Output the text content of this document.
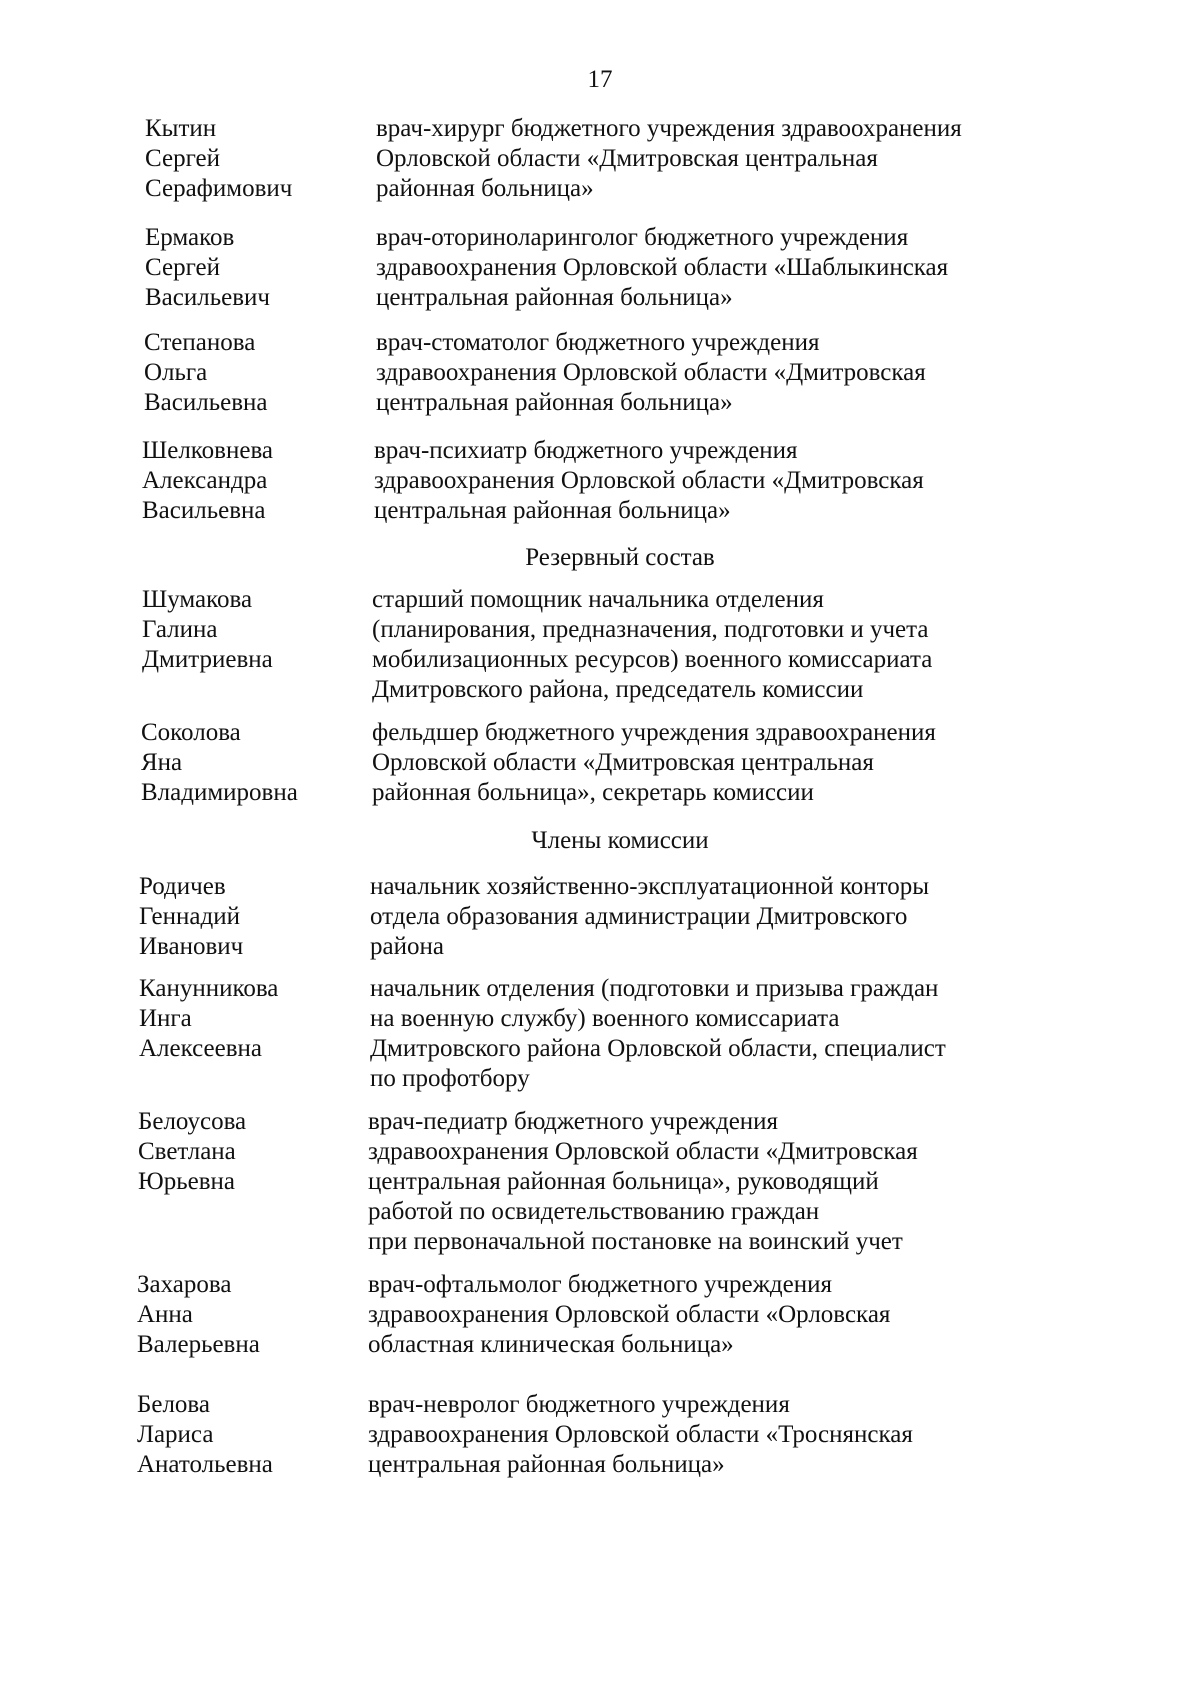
17
Кытин
Сергей
Серафимович
врач-хирург бюджетного учреждения здравоохранения
Орловской области «Дмитровская центральная
районная больница»
Ермаков
Сергей
Васильевич
врач-оториноларинголог бюджетного учреждения
здравоохранения Орловской области «Шаблыкинская
центральная районная больница»
Степанова
Ольга
Васильевна
врач-стоматолог бюджетного учреждения
здравоохранения Орловской области «Дмитровская
центральная районная больница»
Шелковнева
Александра
Васильевна
врач-психиатр бюджетного учреждения
здравоохранения Орловской области «Дмитровская
центральная районная больница»
Шумакова
Галина
Дмитриевна
старший помощник начальника отделения
(планирования, предназначения, подготовки и учета
мобилизационных ресурсов) военного комиссариата
Дмитровского района, председатель комиссии
Соколова
Яна
Владимировна
фельдшер бюджетного учреждения здравоохранения
Орловской области «Дмитровская центральная
районная больница», секретарь комиссии
Родичев
Геннадий
Иванович
начальник хозяйственно-эксплуатационной конторы
отдела образования администрации Дмитровского
района
Канунникова
Инга
Алексеевна
начальник отделения (подготовки и призыва граждан
на военную службу) военного комиссариата
Дмитровского района Орловской области, специалист
по профотбору
Белоусова
Светлана
Юрьевна
врач-педиатр бюджетного учреждения
здравоохранения Орловской области «Дмитровская
центральная районная больница», руководящий
работой по освидетельствованию граждан
при первоначальной постановке на воинский учет
Захарова
Анна
Валерьевна
врач-офтальмолог бюджетного учреждения
здравоохранения Орловской области «Орловская
областная клиническая больница»
Белова
Лариса
Анатольевна
врач-невролог бюджетного учреждения
здравоохранения Орловской области «Троснянская
центральная районная больница»
Резервный состав
Члены комиссии
